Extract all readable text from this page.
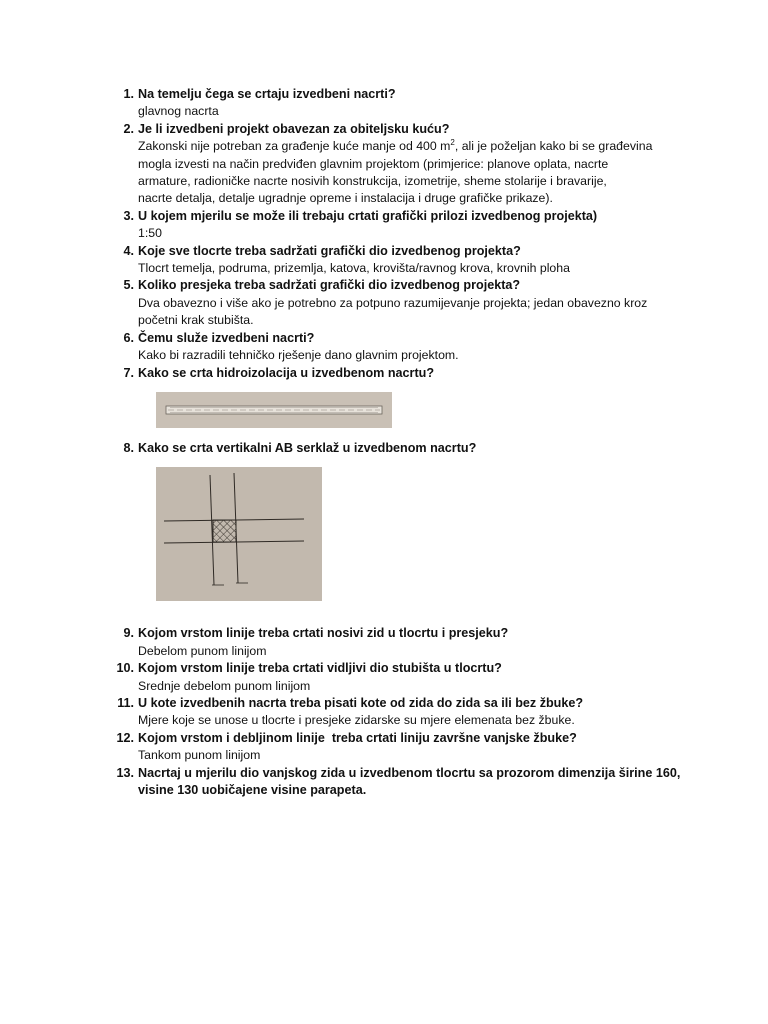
1. Na temelju čega se crtaju izvedbeni nacrti?
glavnog nacrta
2. Je li izvedbeni projekt obavezan za obiteljsku kuću?
Zakonski nije potreban za građenje kuće manje od 400 $m^2$, ali je poželjan kako bi se građevina
mogla izvesti na način predviđen glavnim projektom (primjerice: planove oplata, nacrte
armature, radioničke nacrte nosivih konstrukcija, izometrije, sheme stolarije i bravarije,
nacrte detalja, detalje ugradnje opreme i instalacija i druge grafičke prikaze).
3. U kojem mjerilu se može ili trebaju crtati grafički prilozi izvedbenog projekta)
1:50
4. Koje sve tlocrte treba sadržati grafički dio izvedbenog projekta?
Tlocrt temelja, podruma, prizemlja, katova, krovišta/ravnog krova, krovnih ploha
5. Koliko presjeka treba sadržati grafički dio izvedbenog projekta?
Dva obavezno i više ako je potrebno za potpuno razumijevanje projekta; jedan obavezno kroz
početni krak stubišta.
6. Čemu služe izvedbeni nacrti?
Kako bi razradili tehničko rješenje dano glavnim projektom.
7. Kako se crta hidroizolacija u izvedbenom nacrtu?
8. Kako se crta vertikalni AB serklaž u izvedbenom nacrtu?
9. Kojom vrstom linije treba crtati nosivi zid u tlocrtu i presjeku?
Debelom punom linijom
10. Kojom vrstom linije treba crtati vidljivi dio stubišta u tlocrtu?
Srednje debelom punom linijom
11. U kote izvedbenih nacrta treba pisati kote od zida do zida sa ili bez žbuke?
Mjere koje se unose u tlocrte i presjeke zidarske su mjere elemenata bez žbuke.
12. Kojom vrstom i debljinom linije  treba crtati liniju završne vanjske žbuke?
Tankom punom linijom
13. Nacrtaj u mjerilu dio vanjskog zida u izvedbenom tlocrtu sa prozorom dimenzija širine 160,
visine 130 uobičajene visine parapeta.
